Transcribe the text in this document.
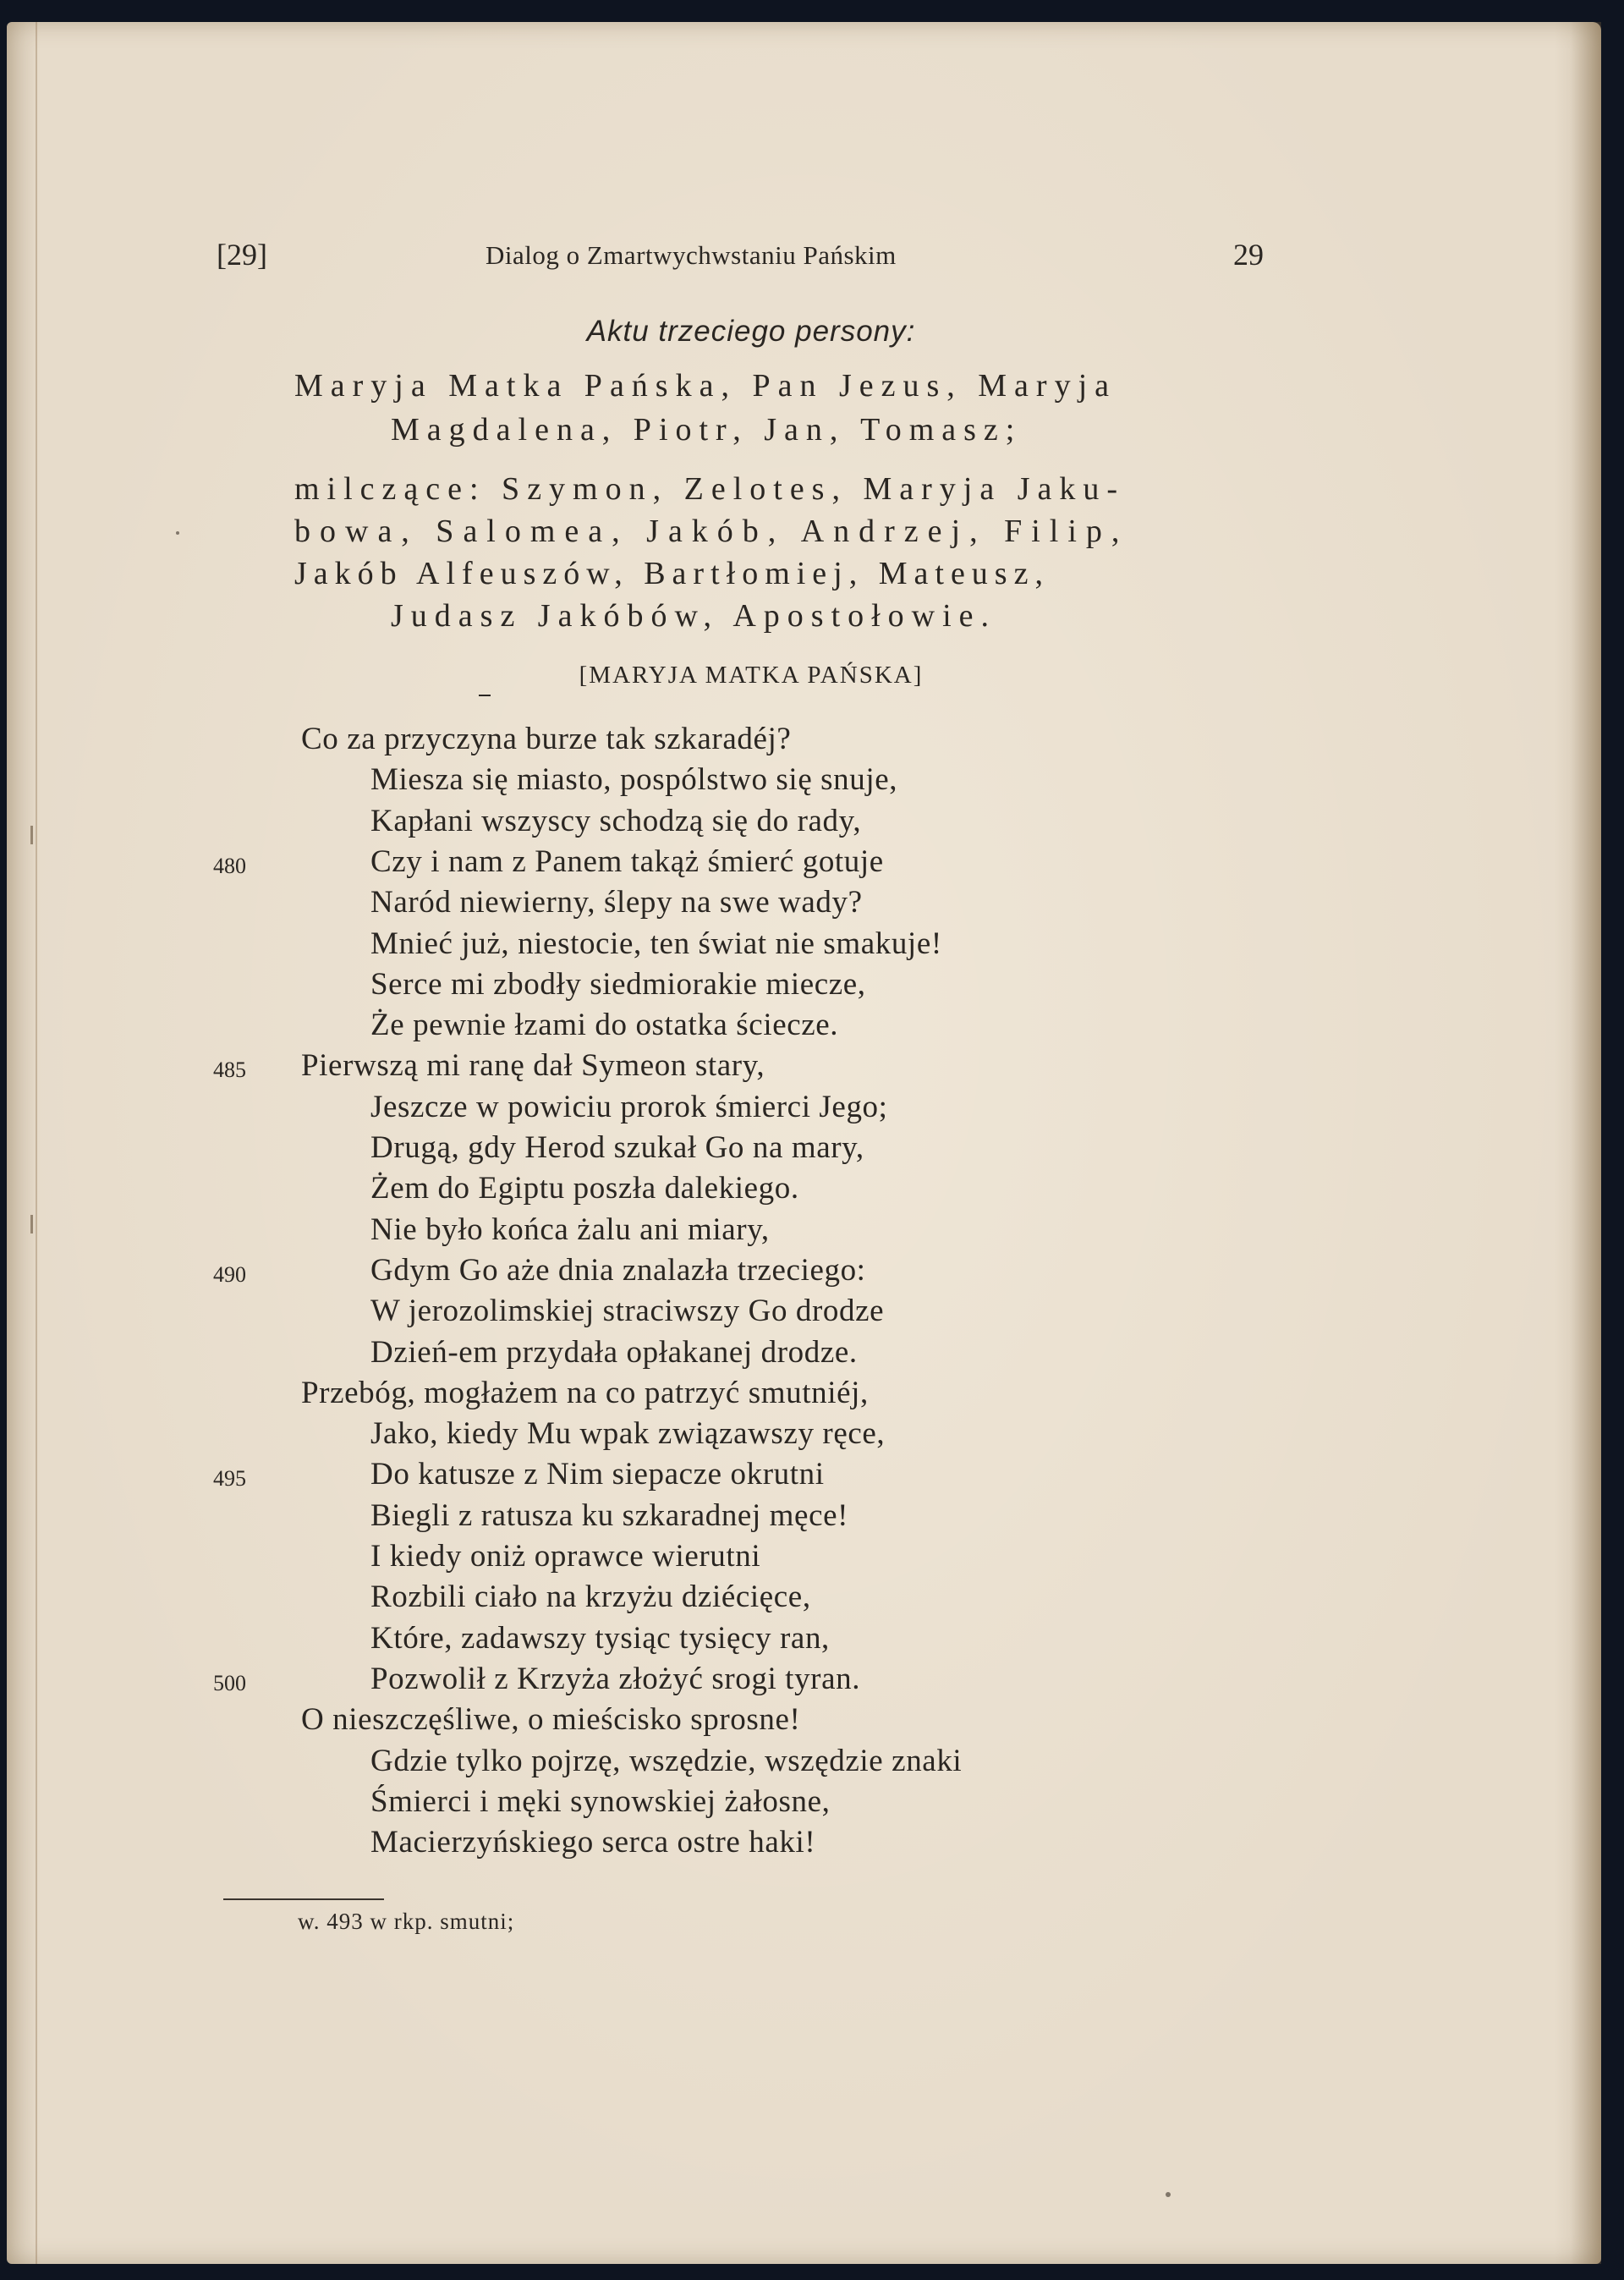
[29]	Dialog o Zmartwychwstaniu Pańskim	29
Aktu trzeciego persony:
Maryja Matka Pańska, Pan Jezus, Maryja
Magdalena, Piotr, Jan, Tomasz;
milczące: Szymon, Zelotes, Maryja Jaku-
bowa, Salomea, Jakób, Andrzej, Filip,
Jakób Alfeuszów, Bartłomiej, Mateusz,
Judasz Jakóbów, Apostołowie.
[MARYJA MATKA PAŃSKA]
Co za przyczyna burze tak szkaradéj?
Miesza się miasto, pospólstwo się snuje,
Kapłani wszyscy schodzą się do rady,
480	Czy i nam z Panem takąż śmierć gotuje
Naród niewierny, ślepy na swe wady?
Mnieć już, niestocie, ten świat nie smakuje!
Serce mi zbodły siedmiorakie miecze,
Że pewnie łzami do ostatka ściecze.
485 Pierwszą mi ranę dał Symeon stary,
Jeszcze w powiciu prorok śmierci Jego;
Drugą, gdy Herod szukał Go na mary,
Żem do Egiptu poszła dalekiego.
Nie było końca żalu ani miary,
490	Gdym Go aże dnia znalazła trzeciego:
W jerozolimskiej straciwszy Go drodze
Dzień-em przydała opłakanej drodze.
Przebóg, mogłażem na co patrzyć smutniéj,
Jako, kiedy Mu wpak związawszy ręce,
495	Do katusze z Nim siepacze okrutni
Biegli z ratusza ku szkaradnej męce!
I kiedy oniż oprawce wierutni
Rozbili ciało na krzyżu dziécięce,
Które, zadawszy tysiąc tysięcy ran,
500	Pozwolił z Krzyża złożyć srogi tyran.
O nieszczęśliwe, o mieścisko sprosne!
Gdzie tylko pojrzę, wszędzie, wszędzie znaki
Śmierci i męki synowskiej żałosne,
Macierzyńskiego serca ostre haki!
w. 493 w rkp. smutni;
